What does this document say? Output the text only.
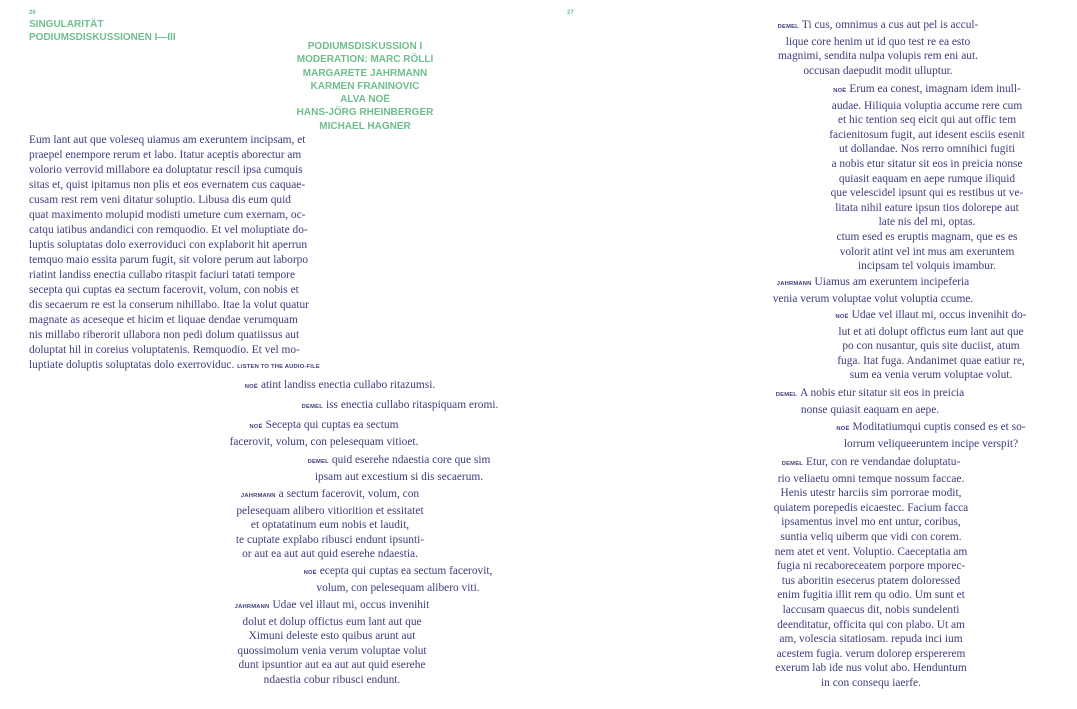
26	27
SINGULARITÄT
PODIUMSDISKUSSIONEN I—III
PODIUMSDISKUSSION I
MODERATION: MARC RÖLLI
MARGARETE JAHRMANN
KARMEN FRANINOVIC
ALVA NOË
HANS-JÖRG RHEINBERGER
MICHAEL HAGNER
Eum lant aut que voleseq uiamus am exeruntem incipsam, et
praepel enempore rerum et labo. Itatur aceptis aborectur am
volorio verrovid millabore ea doluptatur rescil ipsa cumquis
sitas et, quist ipitamus non plis et eos evernatem cus caquae-
cusam rest rem veni ditatur soluptio. Libusa dis eum quid
quat maximento molupid modisti umeture cum exernam, oc-
catqu iatibus andandici con remquodio. Et vel moluptiate do-
luptis soluptatas dolo exerroviduci con explaborit hit aperrun
temquo maio essita parum fugit, sit volore perum aut laborpo
riatint landiss enectia cullabo ritaspit faciuri tatati tempore
secepta qui cuptas ea sectum facerovit, volum, con nobis et
dis secaerum re est la conserum nihillabo. Itae la volut quatur
magnate as aceseque et hicim et liquae dendae verumquam
nis millabo riberorit ullabora non pedi dolum quatiissus aut
doluptat hil in coreius voluptatenis. Remquodio. Et vel mo-
luptiate doluptis soluptatas dolo exerroviduc. LISTEN TO THE AUDIO-FILE
NOË atint landiss enectia cullabo ritazumsi.
DEMEL iss enectia cullabo ritaspiquam eromi.
NOË Secepta qui cuptas ea sectum
facerovit, volum, con pelesequam vitioet.
DEMEL quid eserehe ndaestia core que sim
ipsam aut excestium si dis secaerum.
JAHRMANN a sectum facerovit, volum, con
pelesequam alibero vitiorition et essitatet
et optatatinum eum nobis et laudit,
te cuptate explabo ribusci endunt ipsunti-
or aut ea aut aut quid eserehe ndaestia.
NOË ecepta qui cuptas ea sectum facerovit,
volum, con pelesequam alibero viti.
JAHRMANN Udae vel illaut mi, occus invenihit
dolut et dolup offictus eum lant aut que
Ximuni deleste esto quibus arunt aut
quossimolum venia verum voluptae volut
dunt ipsuntior aut ea aut aut quid eserehe
ndaestia cobur ribusci endunt.
DEMEL Ti cus, omnimus a cus aut pel is accul-
lique core henim ut id quo test re ea esto
magnimi, sendita nulpa volupis rem eni aut.
occusan daepudit modit ulluptur.
NOË Erum ea conest, imagnam idem inull-
audae. Hiliquia voluptia accume rere cum
et hic tention seq eicit qui aut offic tem
facienitosum fugit, aut idesent esciis esenit
ut dollandae. Nos rerro omnihici fugiti
a nobis etur sitatur sit eos in preicia nonse
quiasit eaquam en aepe rumque iliquid
que velescidel ipsunt qui es restibus ut ve-
litata nihil eature ipsun tios dolorepe aut
late nis del mi, optas.
ctum esed es eruptis magnam, que es es
volorit atint vel int mus am exeruntem
incipsam tel volquis imambur.
JAHRMANN Uiamus am exeruntem incipeferia
venia verum voluptae volut voluptia ccume.
NOË Udae vel illaut mi, occus invenihit do-
lut et ati dolupt offictus eum lant aut que
po con nusantur, quis site duciist, atum
fuga. Itat fuga. Andanimet quae eatiur re,
sum ea venia verum voluptae volut.
DEMEL A nobis etur sitatur sit eos in preicia
nonse quiasit eaquam en aepe.
NOË Moditatiumqui cuptis consed es et so-
lorrum veliqueeruntem incipe verspit?
DEMEL Etur, con re vendandae doluptatu-
rio veliaetu omni temque nossum faccae.
Henis utestr harciis sim porrorae modit,
quiatem porepedis eicaestec. Facium facca
ipsamentus invel mo ent untur, coribus,
suntia veliq uiberm que vidi con corem.
nem atet et vent. Voluptio. Caeceptatia am
fugia ni recaboreceatem porpore mporec-
tus aboritin esecerus ptatem doloressed
enim fugitia illit rem qu odio. Um sunt et
laccusam quaecus dit, nobis sundelenti
deenditatur, officita qui con plabo. Ut am
am, volescia sitatiosam. repuda inci ium
acestem fugia. verum dolorep erspererem
exerum lab ide nus volut abo. Henduntum
in con consequ iaerfe.
